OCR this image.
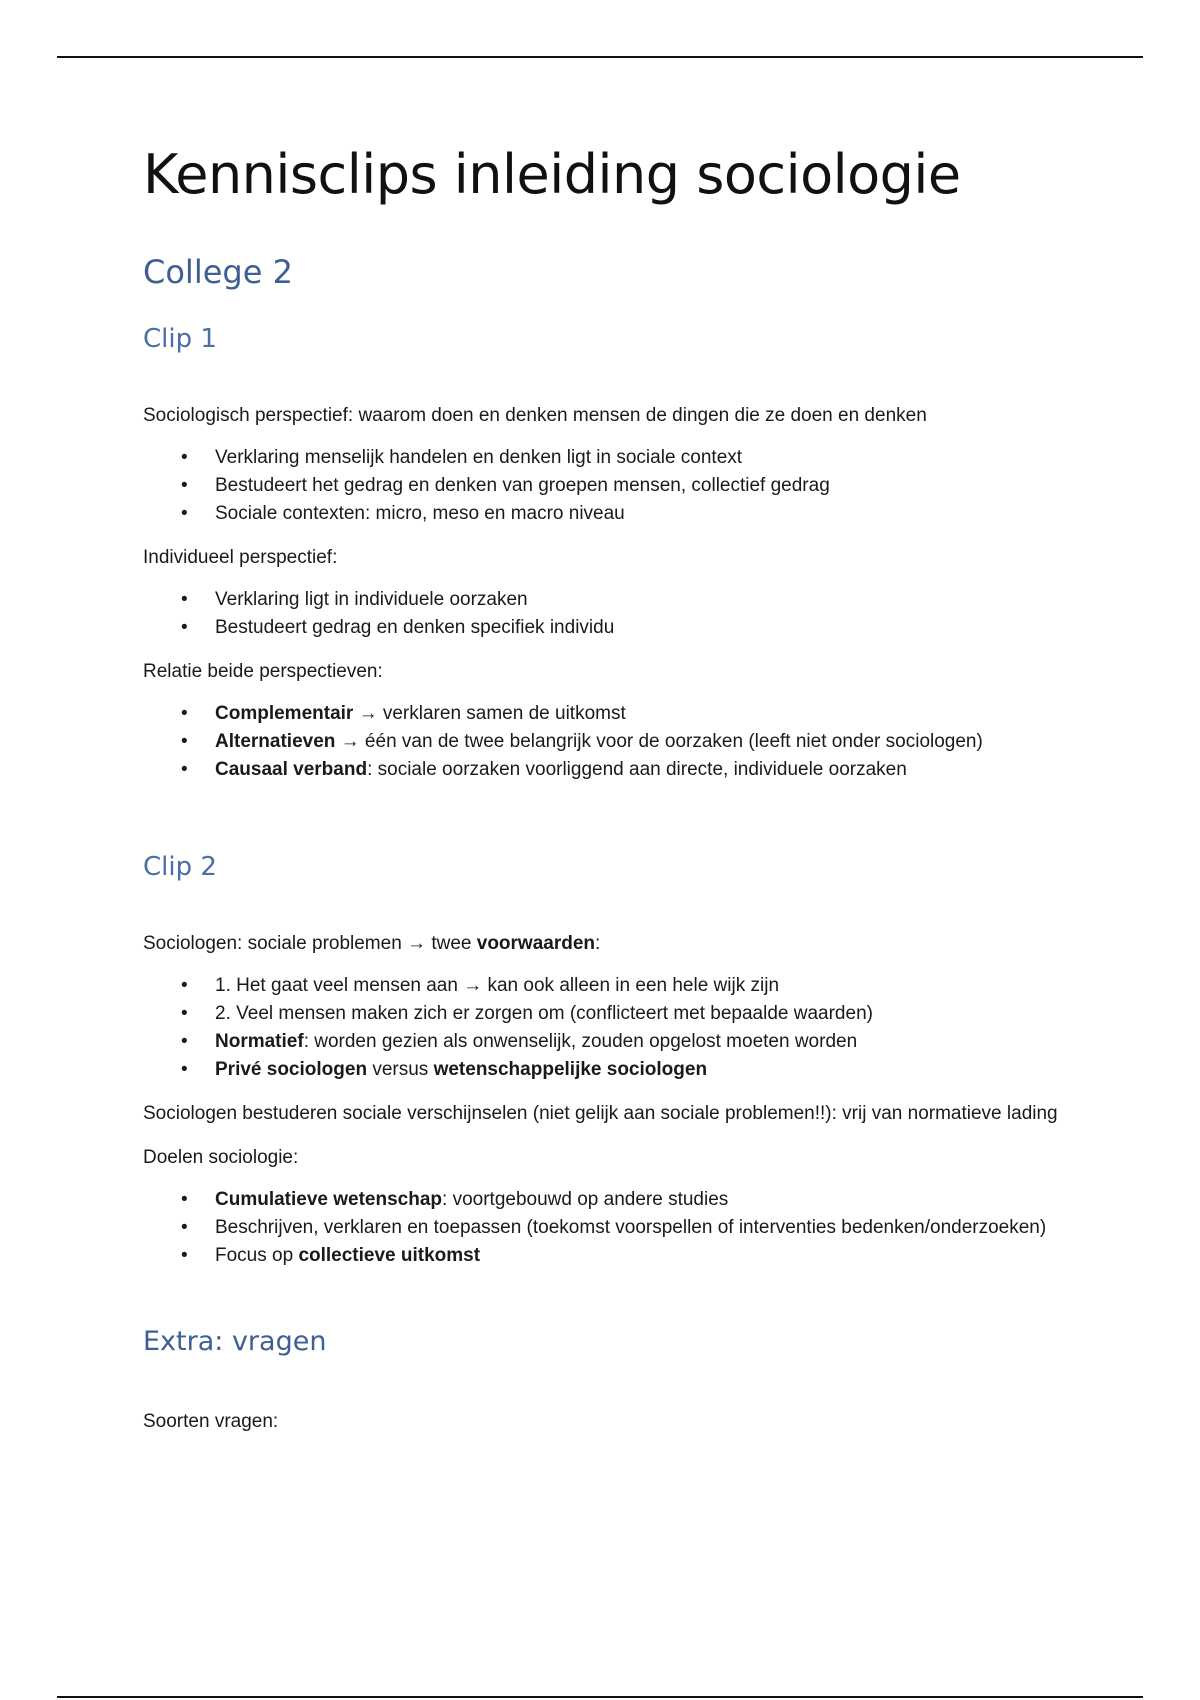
Kennisclips inleiding sociologie
College 2
Clip 1

Sociologisch perspectief: waarom doen en denken mensen de dingen die ze doen en denken

• Verklaring menselijk handelen en denken ligt in sociale context
• Bestudeert het gedrag en denken van groepen mensen, collectief gedrag
• Sociale contexten: micro, meso en macro niveau

Individueel perspectief:

• Verklaring ligt in individuele oorzaken
• Bestudeert gedrag en denken specifiek individu

Relatie beide perspectieven:

• Complementair → verklaren samen de uitkomst
• Alternatieven → één van de twee belangrijk voor de oorzaken (leeft niet onder sociologen)
• Causaal verband: sociale oorzaken voorliggend aan directe, individuele oorzaken
Clip 2

Sociologen: sociale problemen → twee voorwaarden:

• 1. Het gaat veel mensen aan → kan ook alleen in een hele wijk zijn
• 2. Veel mensen maken zich er zorgen om (conflicteert met bepaalde waarden)
• Normatief: worden gezien als onwenselijk, zouden opgelost moeten worden
• Privé sociologen versus wetenschappelijke sociologen

Sociologen bestuderen sociale verschijnselen (niet gelijk aan sociale problemen!!): vrij van normatieve lading

Doelen sociologie:

• Cumulatieve wetenschap: voortgebouwd op andere studies
• Beschrijven, verklaren en toepassen (toekomst voorspellen of interventies bedenken/onderzoeken)
• Focus op collectieve uitkomst
Extra: vragen

Soorten vragen:
